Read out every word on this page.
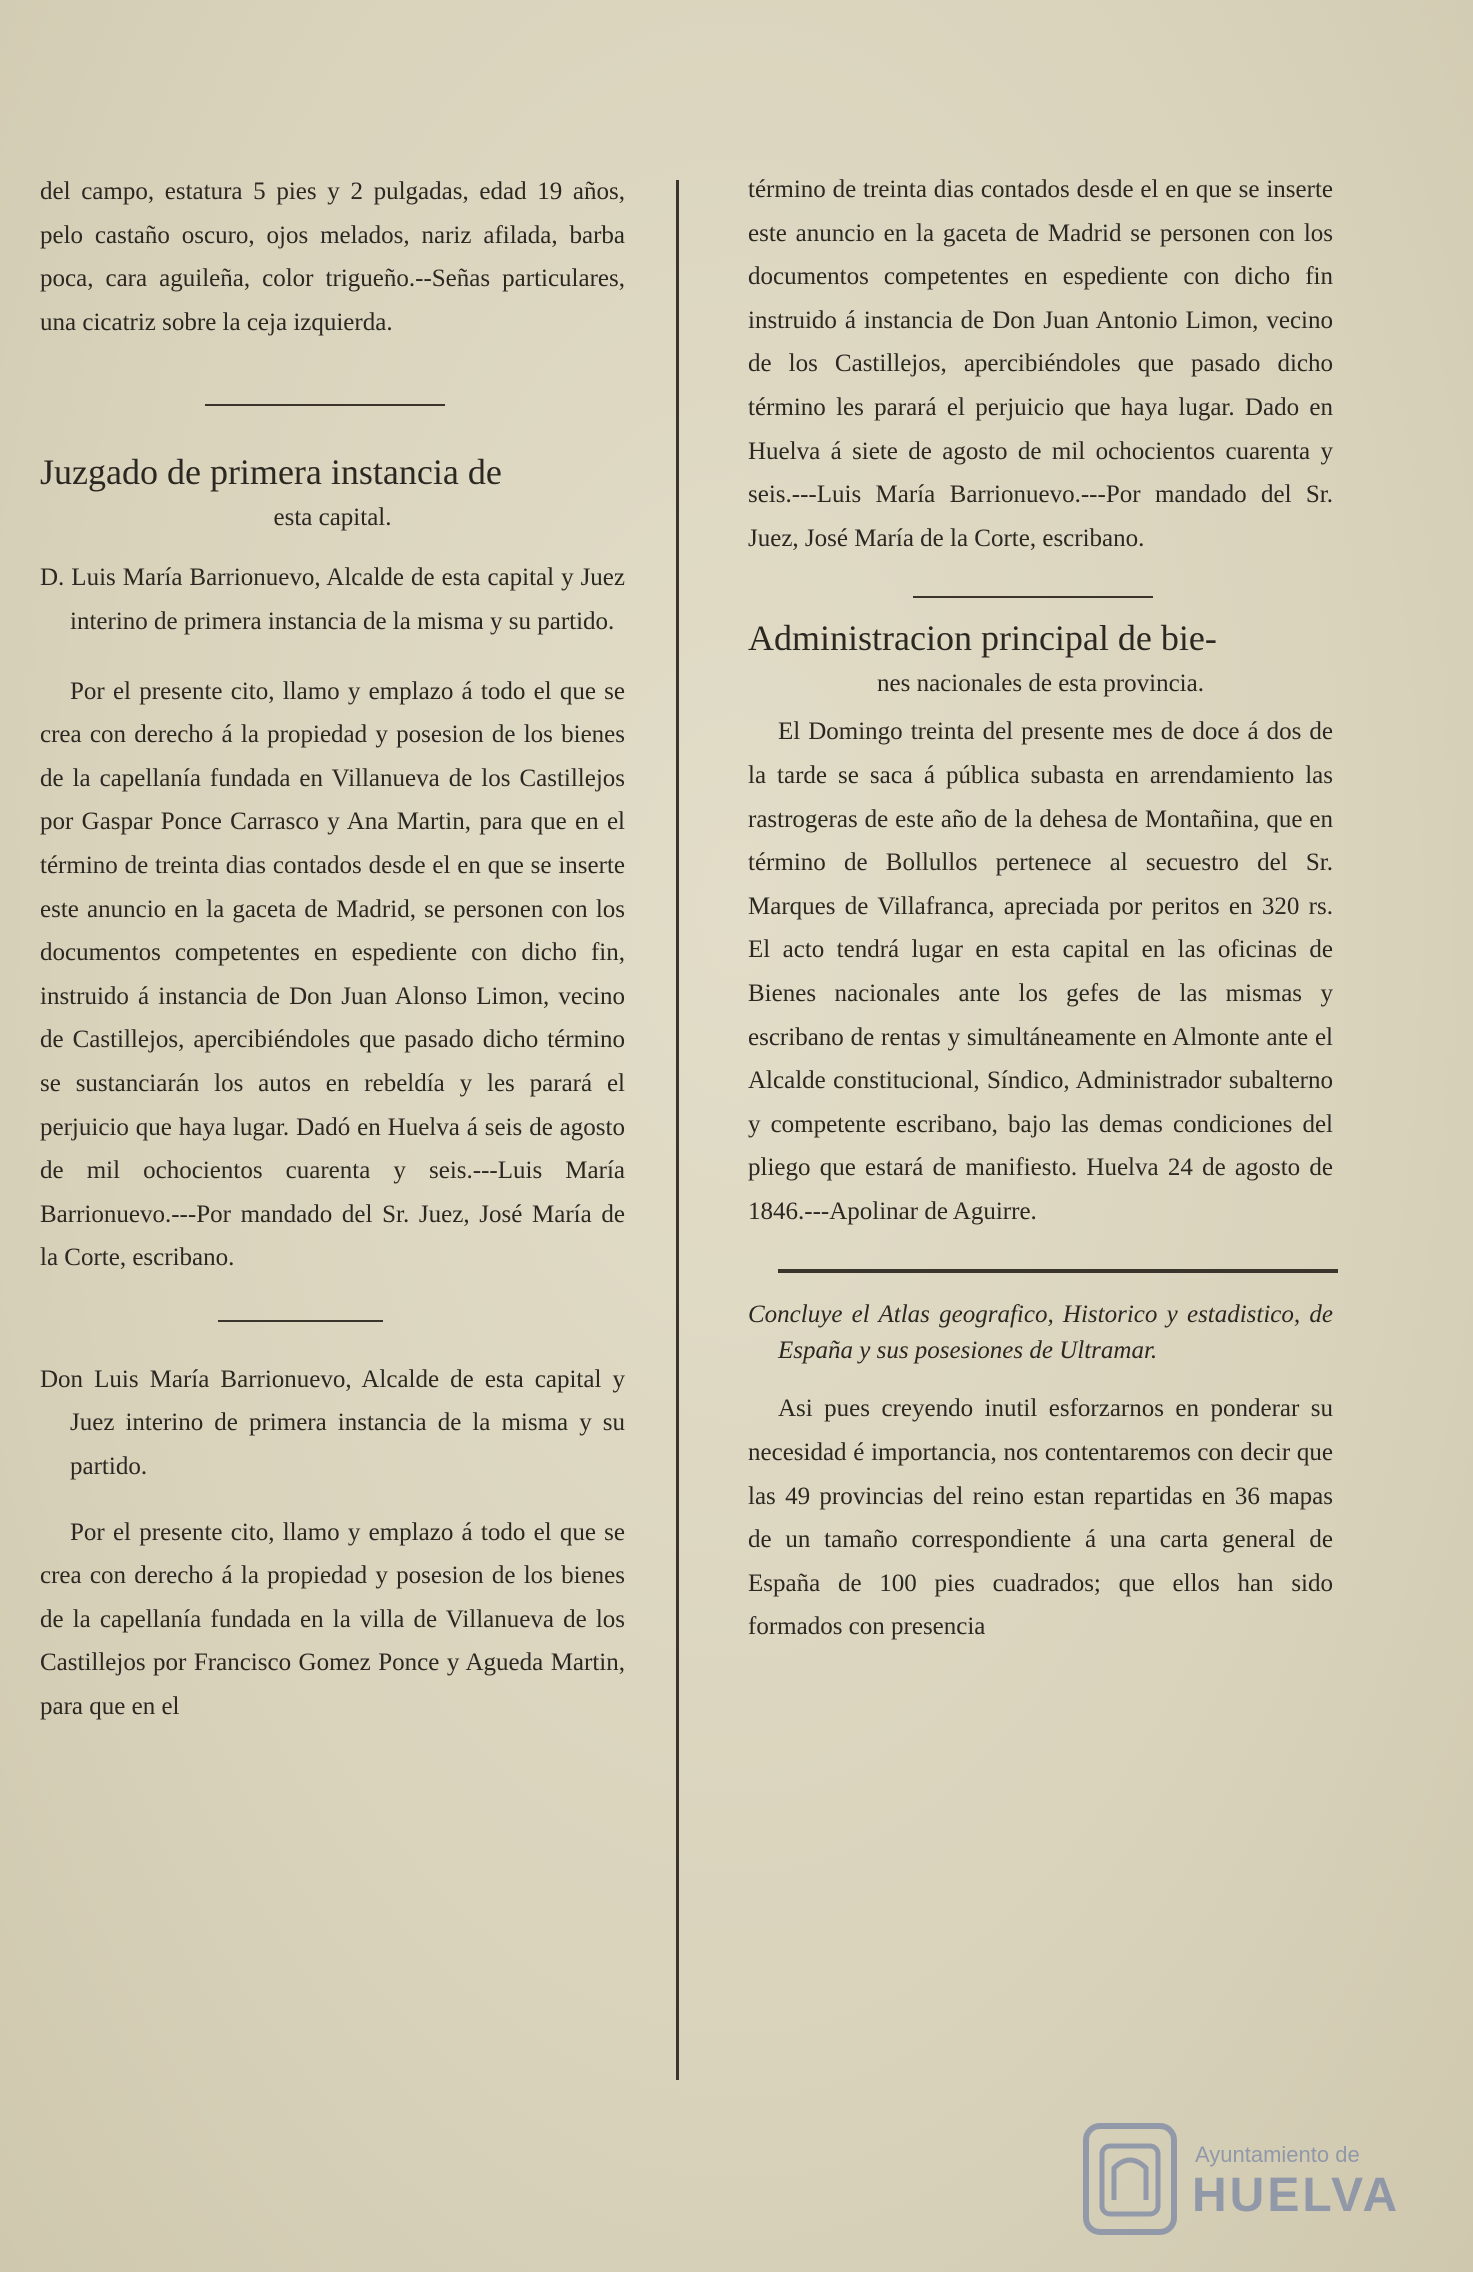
del campo, estatura 5 pies y 2 pulgadas, edad 19 años, pelo castaño oscuro, ojos melados, nariz afilada, barba poca, cara aguileña, color trigueño.--Señas particulares, una cicatriz sobre la ceja izquierda.

Juzgado de primera instancia de
esta capital.

D. Luis María Barrionuevo, Alcalde de esta capital y Juez interino de primera instancia de la misma y su partido.

Por el presente cito, llamo y emplazo á todo el que se crea con derecho á la propiedad y posesion de los bienes de la capellanía fundada en Villanueva de los Castillejos por Gaspar Ponce Carrasco y Ana Martin, para que en el término de treinta dias contados desde el en que se inserte este anuncio en la gaceta de Madrid, se personen con los documentos competentes en espediente con dicho fin, instruido á instancia de Don Juan Alonso Limon, vecino de Castillejos, apercibiéndoles que pasado dicho término se sustanciarán los autos en rebeldía y les parará el perjuicio que haya lugar. Dadó en Huelva á seis de agosto de mil ochocientos cuarenta y seis.---Luis María Barrionuevo.---Por mandado del Sr. Juez, José María de la Corte, escribano.

Don Luis María Barrionuevo, Alcalde de esta capital y Juez interino de primera instancia de la misma y su partido.

Por el presente cito, llamo y emplazo á todo el que se crea con derecho á la propiedad y posesion de los bienes de la capellanía fundada en la villa de Villanueva de los Castillejos por Francisco Gomez Ponce y Agueda Martin, para que en el

término de treinta dias contados desde el en que se inserte este anuncio en la gaceta de Madrid se personen con los documentos competentes en espediente con dicho fin instruido á instancia de Don Juan Antonio Limon, vecino de los Castillejos, apercibiéndoles que pasado dicho término les parará el perjuicio que haya lugar. Dado en Huelva á siete de agosto de mil ochocientos cuarenta y seis.---Luis María Barrionuevo.---Por mandado del Sr. Juez, José María de la Corte, escribano.

Administracion principal de bie-
nes nacionales de esta provincia.

El Domingo treinta del presente mes de doce á dos de la tarde se saca á pública subasta en arrendamiento las rastrogeras de este año de la dehesa de Montañina, que en término de Bollullos pertenece al secuestro del Sr. Marques de Villafranca, apreciada por peritos en 320 rs. El acto tendrá lugar en esta capital en las oficinas de Bienes nacionales ante los gefes de las mismas y escribano de rentas y simultáneamente en Almonte ante el Alcalde constitucional, Síndico, Administrador subalterno y competente escribano, bajo las demas condiciones del pliego que estará de manifiesto. Huelva 24 de agosto de 1846.---Apolinar de Aguirre.

Concluye el Atlas geografico, Historico y estadistico, de España y sus posesiones de Ultramar.

Asi pues creyendo inutil esforzarnos en ponderar su necesidad é importancia, nos contentaremos con decir que las 49 provincias del reino estan repartidas en 36 mapas de un tamaño correspondiente á una carta general de España de 100 pies cuadrados; que ellos han sido formados con presencia

Ayuntamiento de
HUELVA
